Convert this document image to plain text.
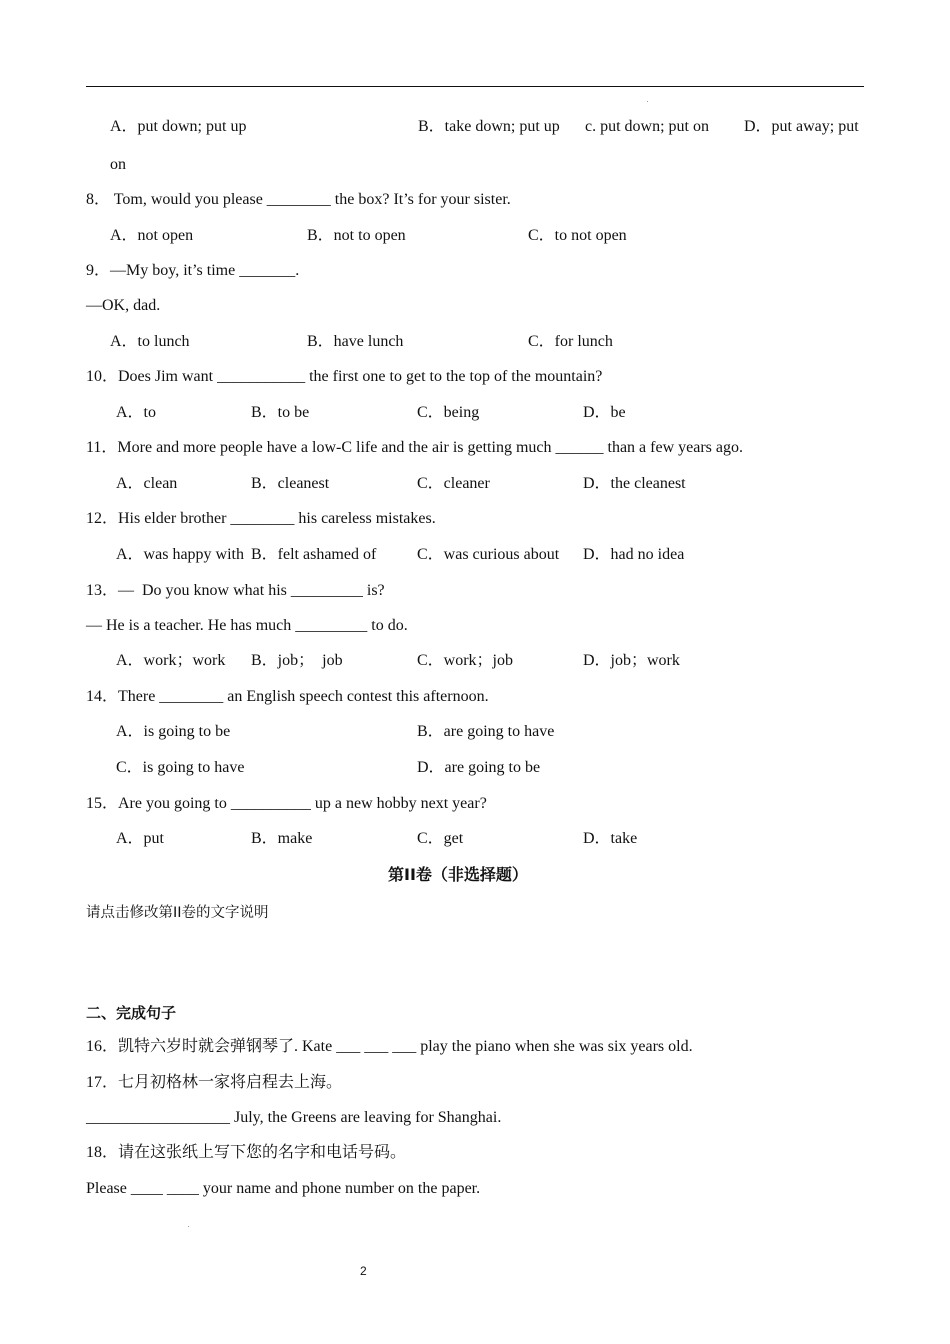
A．put down; put up	B．take down; put up c. put down; put on D．put away; put
on
8． Tom, would you please ________ the box? It’s for your sister.
A．not open	B．not to open	C．to not open
9．—My boy, it’s time _______.
—OK, dad.
A．to lunch	B．have lunch	C．for lunch
10．Does Jim want ___________ the first one to get to the top of the mountain?
A．to	B．to be	C．being	D．be
11．More and more people have a low-C life and the air is getting much ______ than a few years ago.
A．clean	B．cleanest	C．cleaner	D．the cleanest
12．His elder brother ________ his careless mistakes.
A．was happy with B．felt ashamed of	C．was curious about D．had no idea
13．—  Do you know what his _________ is?
— He is a teacher. He has much _________ to do.
A．work；work B．job；  job	C．work；job	D．job；work
14．There ________ an English speech contest this afternoon.
A．is going to be	B．are going to have
C．is going to have	D．are going to be
15．Are you going to __________ up a new hobby next year?
A．put	B．make	C．get	D．take
第II卷（非选择题）
请点击修改第II卷的文字说明
二、完成句子
16．凯特六岁时就会弹钢琴了. Kate ___ ___ ___ play the piano when she was six years old.
17．七月初格林一家将启程去上海。
__________________ July, the Greens are leaving for Shanghai.
18．请在这张纸上写下您的名字和电话号码。
Please ____ ____ your name and phone number on the paper.
2
